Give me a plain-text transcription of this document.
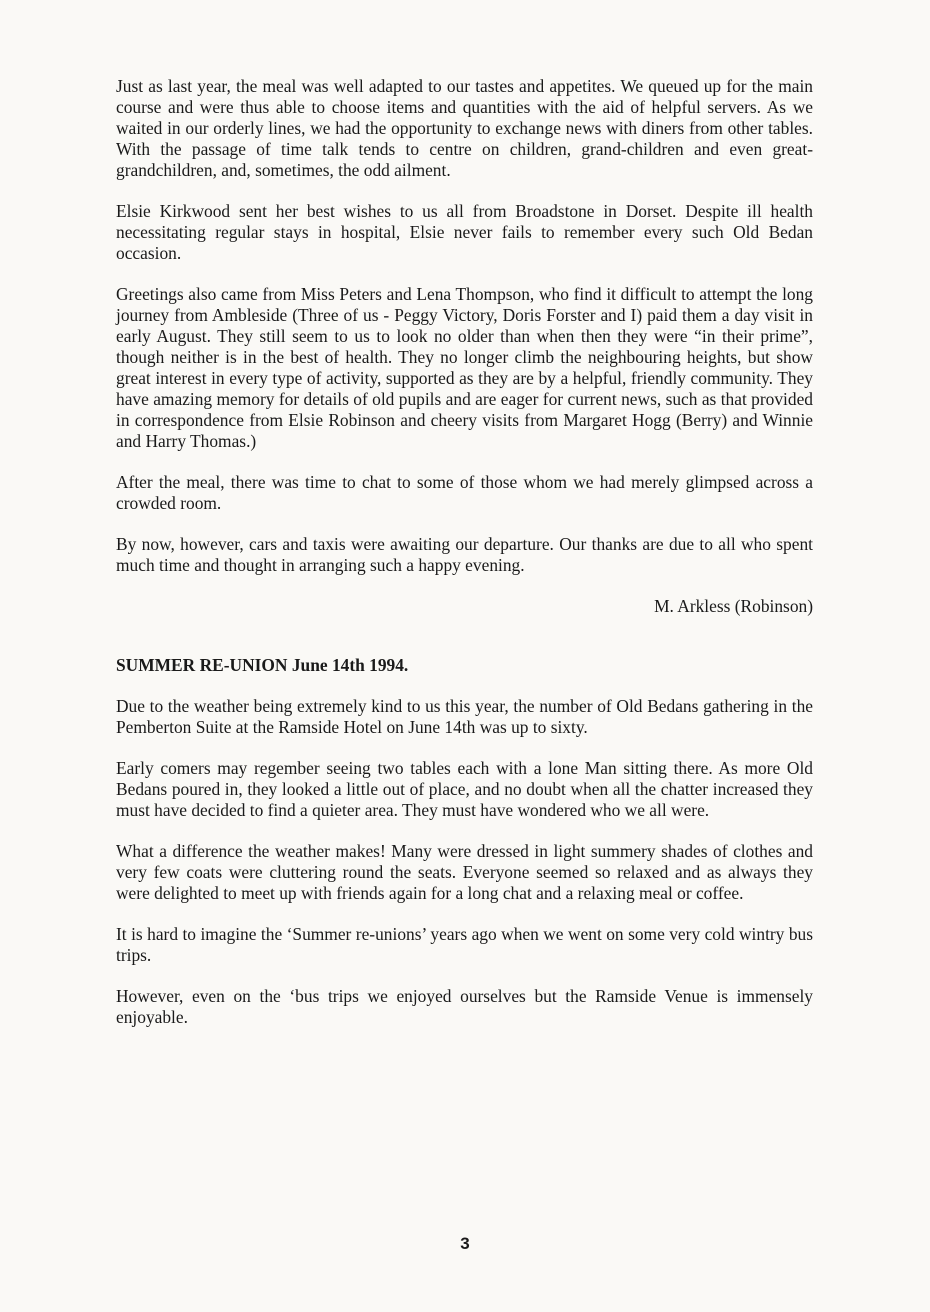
Just as last year, the meal was well adapted to our tastes and appetites. We queued up for the main course and were thus able to choose items and quantities with the aid of helpful servers. As we waited in our orderly lines, we had the opportunity to exchange news with diners from other tables. With the passage of time talk tends to centre on children, grand-children and even great-grandchildren, and, sometimes, the odd ailment.

Elsie Kirkwood sent her best wishes to us all from Broadstone in Dorset. Despite ill health necessitating regular stays in hospital, Elsie never fails to remember every such Old Bedan occasion.

Greetings also came from Miss Peters and Lena Thompson, who find it difficult to attempt the long journey from Ambleside (Three of us - Peggy Victory, Doris Forster and I) paid them a day visit in early August. They still seem to us to look no older than when then they were “in their prime”, though neither is in the best of health. They no longer climb the neighbouring heights, but show great interest in every type of activity, supported as they are by a helpful, friendly community. They have amazing memory for details of old pupils and are eager for current news, such as that provided in correspondence from Elsie Robinson and cheery visits from Margaret Hogg (Berry) and Winnie and Harry Thomas.)

After the meal, there was time to chat to some of those whom we had merely glimpsed across a crowded room.

By now, however, cars and taxis were awaiting our departure. Our thanks are due to all who spent much time and thought in arranging such a happy evening.

M. Arkless (Robinson)

SUMMER RE-UNION June 14th 1994.

Due to the weather being extremely kind to us this year, the number of Old Bedans gathering in the Pemberton Suite at the Ramside Hotel on June 14th was up to sixty.

Early comers may regember seeing two tables each with a lone Man sitting there. As more Old Bedans poured in, they looked a little out of place, and no doubt when all the chatter increased they must have decided to find a quieter area. They must have wondered who we all were.

What a difference the weather makes! Many were dressed in light summery shades of clothes and very few coats were cluttering round the seats. Everyone seemed so relaxed and as always they were delighted to meet up with friends again for a long chat and a relaxing meal or coffee.

It is hard to imagine the ‘Summer re-unions’ years ago when we went on some very cold wintry bus trips.

However, even on the ‘bus trips we enjoyed ourselves but the Ramside Venue is immensely enjoyable.

3
